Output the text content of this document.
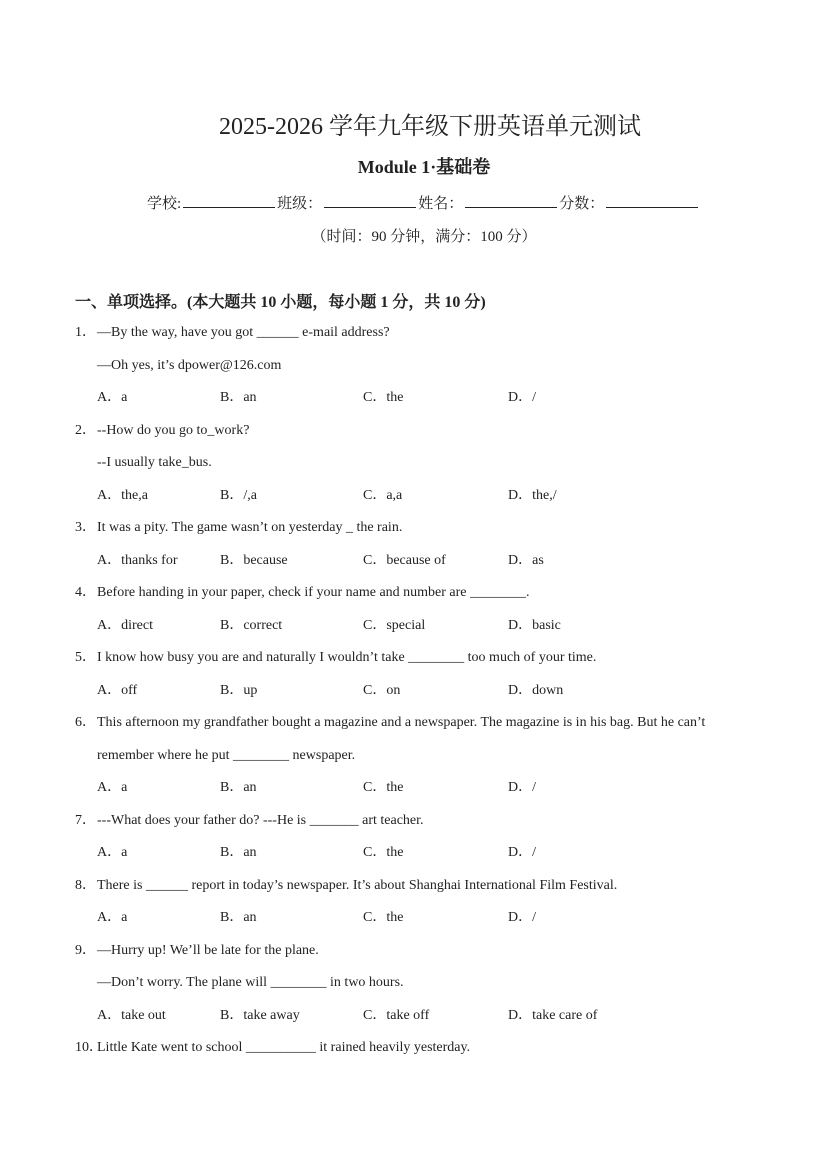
2025-2026 学年九年级下册英语单元测试
Module 1·基础卷
学校:	班级：	姓名：	分数：
（时间：90 分钟，满分：100 分）
一、单项选择。(本大题共 10 小题，每小题 1 分，共 10 分)
1．—By the way, have you got ______ e-mail address?
—Oh yes, it’s dpower@126.com
A．a	B．an	C．the	D．/
2．--How do you go to_work?
--I usually take_bus.
A．the,a	B．/,a	C．a,a	D．the,/
3．It was a pity. The game wasn’t on yesterday _ the rain.
A．thanks for	B．because	C．because of	D．as
4．Before handing in your paper, check if your name and number are ________.
A．direct	B．correct	C．special	D．basic
5．I know how busy you are and naturally I wouldn’t take ________ too much of your time.
A．off	B．up	C．on	D．down
6．This afternoon my grandfather bought a magazine and a newspaper. The magazine is in his bag. But he can’t
remember where he put ________ newspaper.
A．a	B．an	C．the	D．/
7．---What does your father do? ---He is _______ art teacher.
A．a	B．an	C．the	D．/
8．There is ______ report in today’s newspaper. It’s about Shanghai International Film Festival.
A．a	B．an	C．the	D．/
9．—Hurry up! We’ll be late for the plane.
—Don’t worry. The plane will ________ in two hours.
A．take out	B．take away	C．take off	D．take care of
10．Little Kate went to school __________ it rained heavily yesterday.
